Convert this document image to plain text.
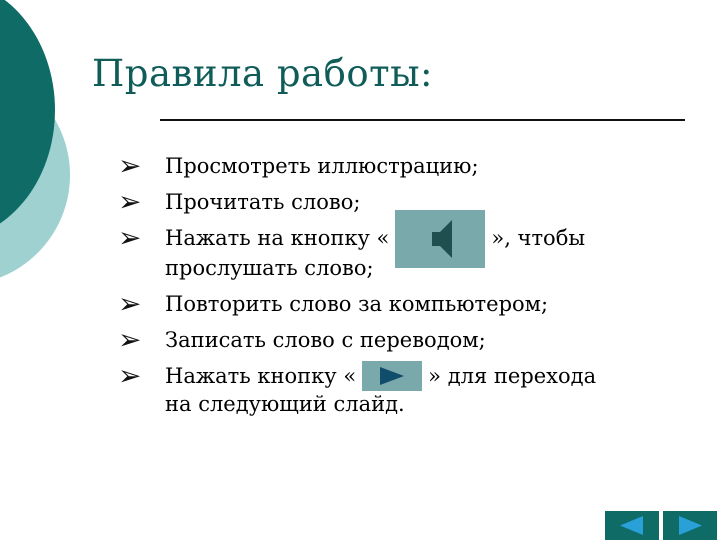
Правила работы:
➢ Просмотреть иллюстрацию;
➢ Прочитать слово;
➢ Нажать на кнопку «	», чтобы
прослушать слово;
➢ Повторить слово за компьютером;
➢ Записать слово с переводом;
➢ Нажать кнопку «	» для перехода
на следующий слайд.
